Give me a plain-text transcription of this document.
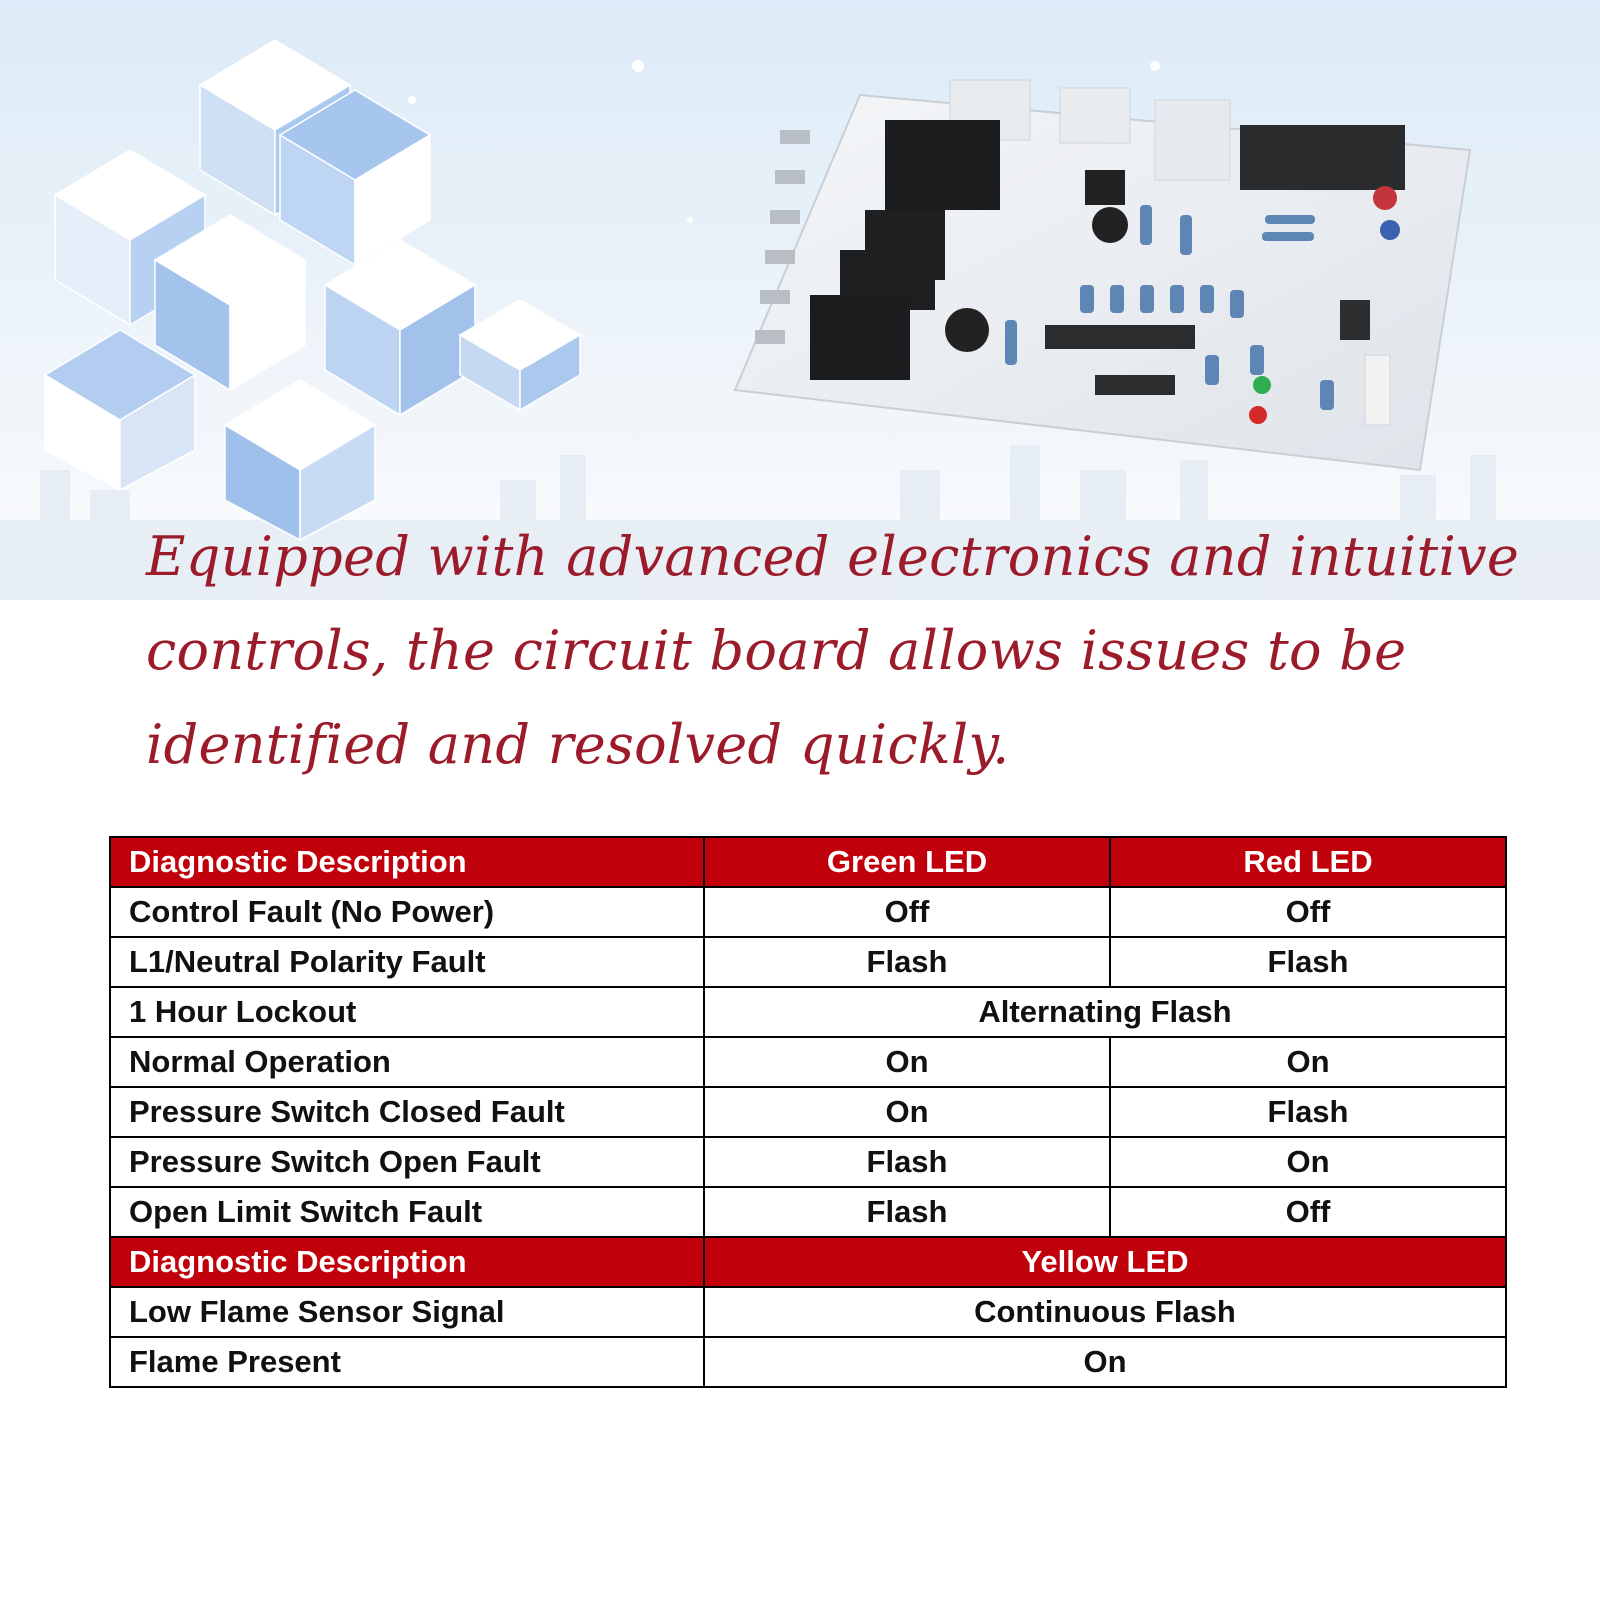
Equipped with advanced electronics and intuitive controls, the circuit board allows issues to be identified and resolved quickly.

Diagnostic Description	Green LED	Red LED
Control Fault (No Power)	Off	Off
L1/Neutral Polarity Fault	Flash	Flash
1 Hour Lockout	Alternating Flash	
Normal Operation	On	On
Pressure Switch Closed Fault	On	Flash
Pressure Switch Open Fault	Flash	On
Open Limit Switch Fault	Flash	Off
Diagnostic Description	Yellow LED	
Low Flame Sensor Signal	Continuous Flash	
Flame Present	On	
